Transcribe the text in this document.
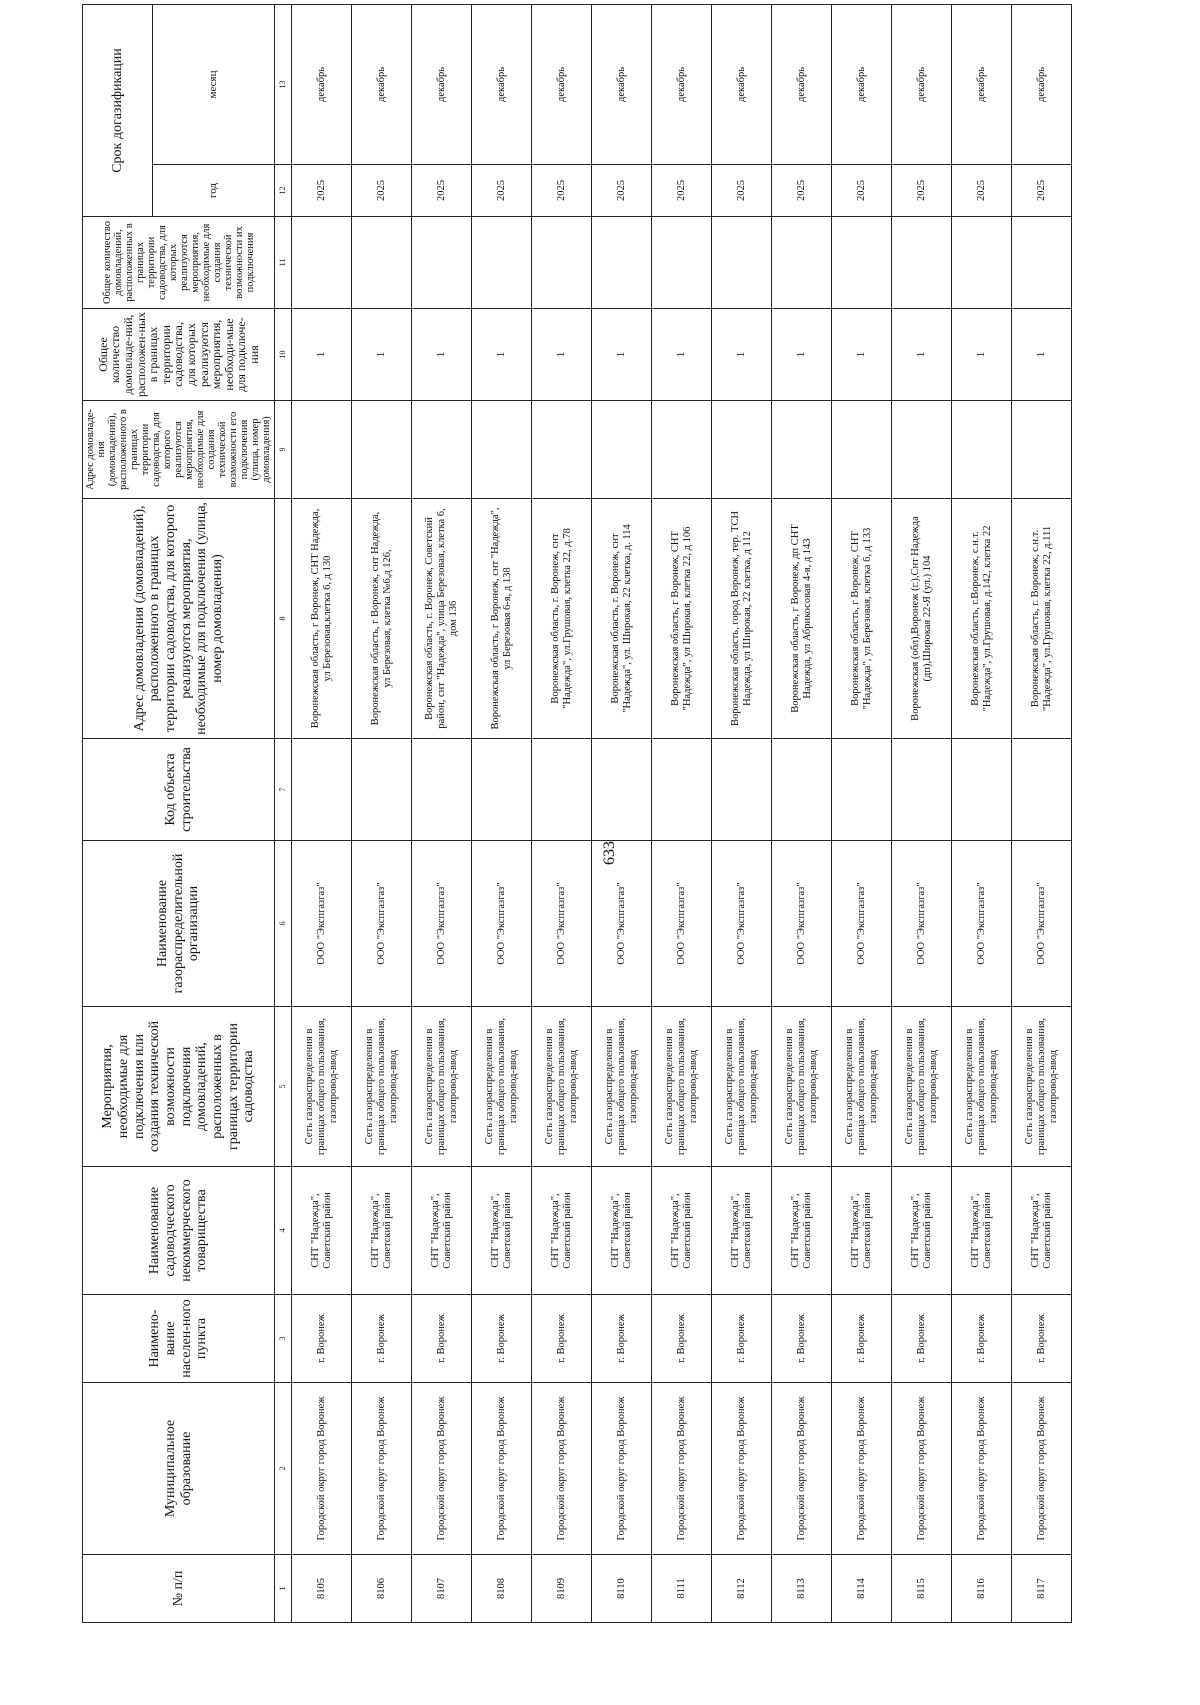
633
№ п/п	Муниципальное образование	Наимено-вание населен-ного пункта	Наименование садоводческого некоммерческого товарищества	Мероприятия, необходимые для подключения или создания технической возможности подключения домовладений, расположенных в границах территории садоводства	Наименование газораспределительной организации	Код объекта строительства	Адрес домовладения (домовладений), расположенного в границах территории садоводства, для которого реализуются мероприятия, необходимые для подключения (улица, номер домовладения)	Адрес домовладе-ния (домовладений), расположенного в границах территории садоводства, для которого реализуются мероприятия, необходимые для создания технической возможности его подключения (улица, номер домовладения)	Общее количество домовладе-ний, расположен-ных в границах территории садоводства, для которых реализуются мероприятия, необходи-мые для подключе-ния	Общее количество домовладений, расположенных в границах территории садоводства, для которых реализуются мероприятия, необходимые для создания технической возможности их подключения	Срок догазификации	
											год	месяц
1	2	3	4	5	6	7	8	9	10	11	12	13
8105	Городской округ город Воронеж	г. Воронеж	СНТ "Надежда", Советский район	Сеть газораспределения в границах общего пользования, газопровод-ввод	ООО "Экспгазгаз"		Воронежская область, г Воронеж, СНТ Надежда, ул Березовая,клетка 6, д 130		1		2025	декабрь
8106	Городской округ город Воронеж	г. Воронеж	СНТ "Надежда", Советский район	Сеть газораспределения в границах общего пользования, газопровод-ввод	ООО "Экспгазгаз"		Воронежская область, г Воронеж, снт Надежда, ул Березовая, клетка №6,д 126,		1		2025	декабрь
8107	Городской округ город Воронеж	г. Воронеж	СНТ "Надежда", Советский район	Сеть газораспределения в границах общего пользования, газопровод-ввод	ООО "Экспгазгаз"		Воронежская область, г. Воронеж, Советский район, снт "Надежда", улица Березовая, клетка 6, дом 136		1		2025	декабрь
8108	Городской округ город Воронеж	г. Воронеж	СНТ "Надежда", Советский район	Сеть газораспределения в границах общего пользования, газопровод-ввод	ООО "Экспгазгаз"		Воронежская область, г Воронеж, снт "Надежда", ул Березовая 6-я, д 138		1		2025	декабрь
8109	Городской округ город Воронеж	г. Воронеж	СНТ "Надежда", Советский район	Сеть газораспределения в границах общего пользования, газопровод-ввод	ООО "Экспгазгаз"		Воронежская область, г. Воронеж, снт "Надежда", ул.Грушовая, клетка 22, д.78		1		2025	декабрь
8110	Городской округ город Воронеж	г. Воронеж	СНТ "Надежда", Советский район	Сеть газораспределения в границах общего пользования, газопровод-ввод	ООО "Экспгазгаз"		Воронежская область, г. Воронеж, снт "Надежда", ул. Широкая, 22 клетка, д. 114		1		2025	декабрь
8111	Городской округ город Воронеж	г. Воронеж	СНТ "Надежда", Советский район	Сеть газораспределения в границах общего пользования, газопровод-ввод	ООО "Экспгазгаз"		Воронежская область, г Воронеж, СНТ "Надежда", ул Широкая, клетка 22, д 106		1		2025	декабрь
8112	Городской округ город Воронеж	г. Воронеж	СНТ "Надежда", Советский район	Сеть газораспределения в границах общего пользования, газопровод-ввод	ООО "Экспгазгаз"		Воронежская область, город Воронеж, тер. ТСН Надежда, ул Широкая, 22 клетка, д 112		1		2025	декабрь
8113	Городской округ город Воронеж	г. Воронеж	СНТ "Надежда", Советский район	Сеть газораспределения в границах общего пользования, газопровод-ввод	ООО "Экспгазгаз"		Воронежская область, г Воронеж, дп СНТ Надежда, ул Абрикосовая 4-я, д 143		1		2025	декабрь
8114	Городской округ город Воронеж	г. Воронеж	СНТ "Надежда", Советский район	Сеть газораспределения в границах общего пользования, газопровод-ввод	ООО "Экспгазгаз"		Воронежская область, г Воронеж, СНТ "Надежда", ул Березовая, клетка 6, д 133		1		2025	декабрь
8115	Городской округ город Воронеж	г. Воронеж	СНТ "Надежда", Советский район	Сеть газораспределения в границах общего пользования, газопровод-ввод	ООО "Экспгазгаз"		Воронежская (обл),Воронеж (г.),Снт Надежда (дп),Широкая 22-Я (ул.) 104		1		2025	декабрь
8116	Городской округ город Воронеж	г. Воронеж	СНТ "Надежда", Советский район	Сеть газораспределения в границах общего пользования, газопровод-ввод	ООО "Экспгазгаз"		Воронежская область, г.Воронеж, с.н.т. "Надежда", ул.Грушовая, д.142, клетка 22		1		2025	декабрь
8117	Городской округ город Воронеж	г. Воронеж	СНТ "Надежда", Советский район	Сеть газораспределения в границах общего пользования, газопровод-ввод	ООО "Экспгазгаз"		Воронежская область, г. Воронеж, с.н.т. "Надежда", ул.Грушовая, клетка 22, д.111		1		2025	декабрь
